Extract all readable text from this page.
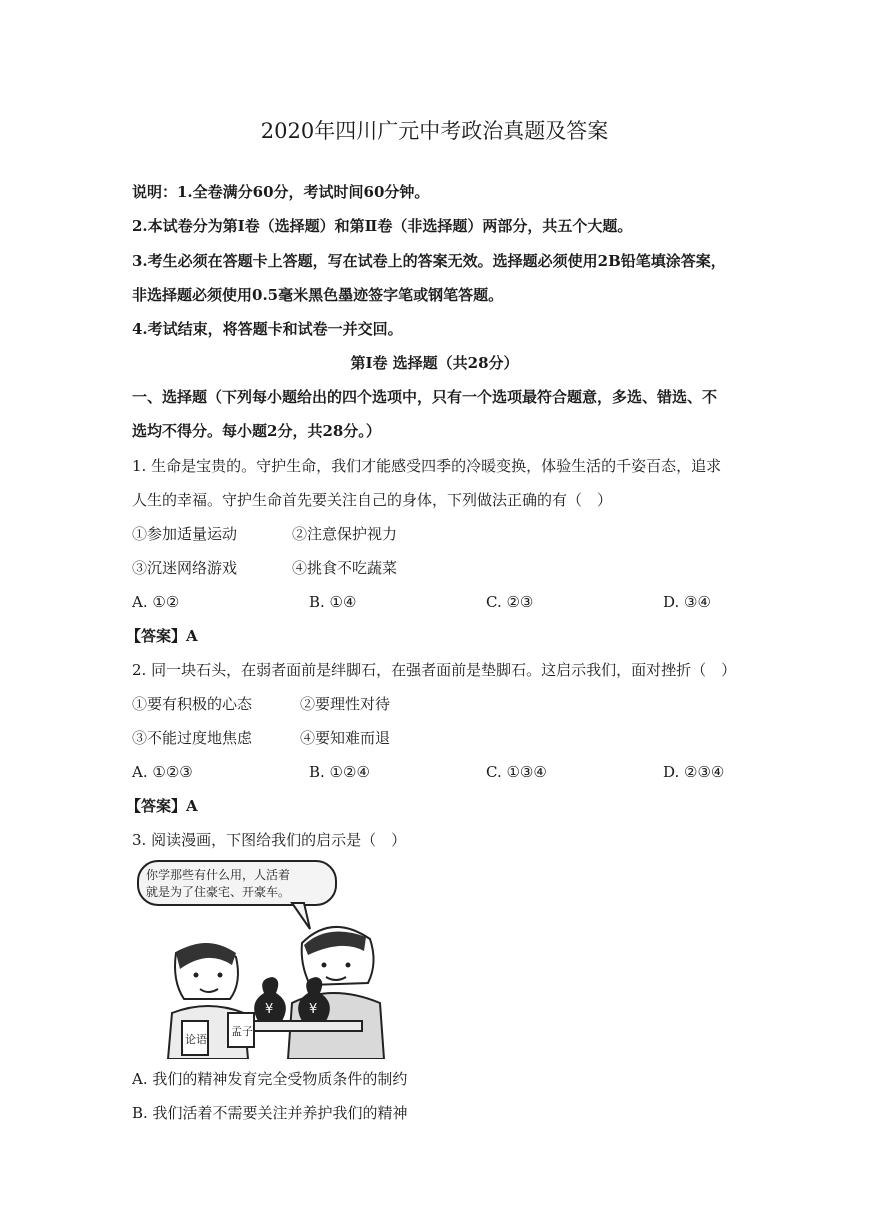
2020年四川广元中考政治真题及答案
说明：1.全卷满分60分，考试时间60分钟。
2.本试卷分为第Ⅰ卷（选择题）和第Ⅱ卷（非选择题）两部分，共五个大题。
3.考生必须在答题卡上答题，写在试卷上的答案无效。选择题必须使用2B铅笔填涂答案，
非选择题必须使用0.5毫米黑色墨迹签字笔或钢笔答题。
4.考试结束，将答题卡和试卷一并交回。
第Ⅰ卷 选择题（共28分）
一、选择题（下列每小题给出的四个选项中，只有一个选项最符合题意，多选、错选、不
选均不得分。每小题2分，共28分。）
1. 生命是宝贵的。守护生命，我们才能感受四季的冷暖变换，体验生活的千姿百态，追求
人生的幸福。守护生命首先要关注自己的身体，下列做法正确的有（　）
①参加适量运动	②注意保护视力
③沉迷网络游戏	④挑食不吃蔬菜
A. ①②	B. ①④	C. ②③	D. ③④
【答案】A
2. 同一块石头，在弱者面前是绊脚石，在强者面前是垫脚石。这启示我们，面对挫折（　）
①要有积极的心态	②要理性对待
③不能过度地焦虑	④要知难而退
A. ①②③	B. ①②④	C. ①③④	D. ②③④
【答案】A
3. 阅读漫画，下图给我们的启示是（　）
你学那些有什么用，人活着
就是为了住豪宅、开豪车。
¥	¥
论语
孟子
A. 我们的精神发育完全受物质条件的制约
B. 我们活着不需要关注并养护我们的精神
